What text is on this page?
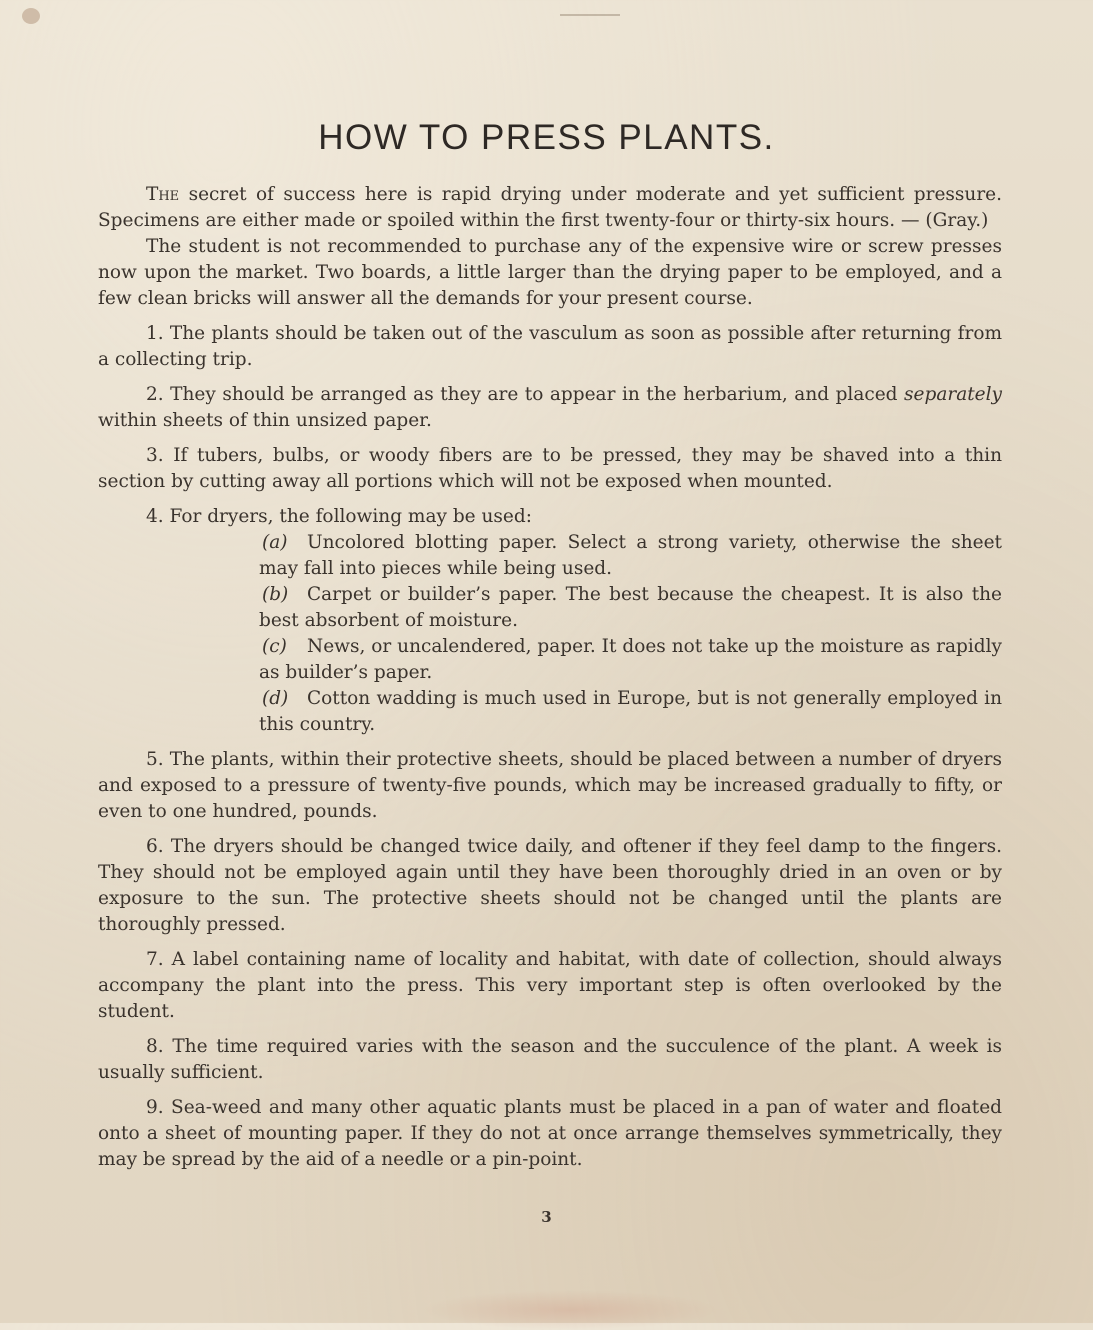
HOW TO PRESS PLANTS.

The secret of success here is rapid drying under moderate and yet sufficient pressure. Specimens are either made or spoiled within the first twenty-four or thirty-six hours. — (Gray.)

The student is not recommended to purchase any of the expensive wire or screw presses now upon the market. Two boards, a little larger than the drying paper to be employed, and a few clean bricks will answer all the demands for your present course.

1. The plants should be taken out of the vasculum as soon as possible after returning from a collecting trip.

2. They should be arranged as they are to appear in the herbarium, and placed separately within sheets of thin unsized paper.

3. If tubers, bulbs, or woody fibers are to be pressed, they may be shaved into a thin section by cutting away all portions which will not be exposed when mounted.

4. For dryers, the following may be used:

(a) Uncolored blotting paper. Select a strong variety, otherwise the sheet may fall into pieces while being used.

(b) Carpet or builder’s paper. The best because the cheapest. It is also the best absorbent of moisture.

(c) News, or uncalendered, paper. It does not take up the moisture as rapidly as builder’s paper.

(d) Cotton wadding is much used in Europe, but is not generally employed in this country.

5. The plants, within their protective sheets, should be placed between a number of dryers and exposed to a pressure of twenty-five pounds, which may be increased gradually to fifty, or even to one hundred, pounds.

6. The dryers should be changed twice daily, and oftener if they feel damp to the fingers. They should not be employed again until they have been thoroughly dried in an oven or by exposure to the sun. The protective sheets should not be changed until the plants are thoroughly pressed.

7. A label containing name of locality and habitat, with date of collection, should always accompany the plant into the press. This very important step is often overlooked by the student.

8. The time required varies with the season and the succulence of the plant. A week is usually sufficient.

9. Sea-weed and many other aquatic plants must be placed in a pan of water and floated onto a sheet of mounting paper. If they do not at once arrange themselves symmetrically, they may be spread by the aid of a needle or a pin-point.

3
